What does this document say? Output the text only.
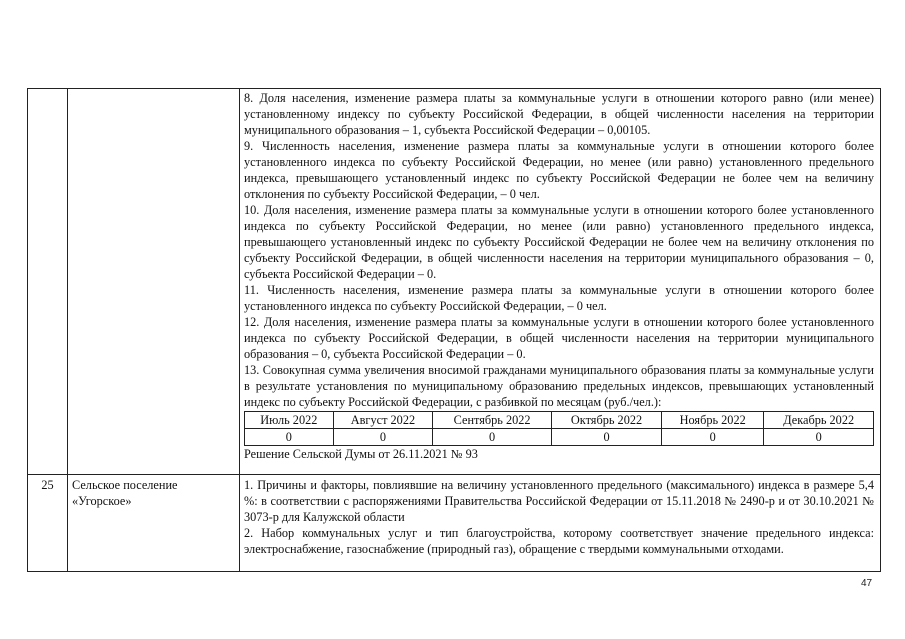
8. Доля населения, изменение размера платы за коммунальные услуги в отношении которого равно (или менее) установленному индексу по субъекту Российской Федерации, в общей численности населения на территории муниципального образования – 1, субъекта Российской Федерации – 0,00105.

9. Численность населения, изменение размера платы за коммунальные услуги в отношении которого более установленного индекса по субъекту Российской Федерации, но менее (или равно) установленного предельного индекса, превышающего установленный индекс по субъекту Российской Федерации не более чем на величину отклонения по субъекту Российской Федерации, – 0 чел.

10. Доля населения, изменение размера платы за коммунальные услуги в отношении которого более установленного индекса по субъекту Российской Федерации, но менее (или равно) установленного предельного индекса, превышающего установленный индекс по субъекту Российской Федерации не более чем на величину отклонения по субъекту Российской Федерации, в общей численности населения на территории муниципального образования – 0, субъекта Российской Федерации – 0.

11. Численность населения, изменение размера платы за коммунальные услуги в отношении которого более установленного индекса по субъекту Российской Федерации, – 0 чел.

12. Доля населения, изменение размера платы за коммунальные услуги в отношении которого более установленного индекса по субъекту Российской Федерации, в общей численности населения на территории муниципального образования – 0, субъекта Российской Федерации – 0.

13. Совокупная сумма увеличения вносимой гражданами муниципального образования платы за коммунальные услуги в результате установления по муниципальному образованию предельных индексов, превышающих установленный индекс по субъекту Российской Федерации, с разбивкой по месяцам (руб./чел.):

Июль 2022	Август 2022	Сентябрь 2022	Октябрь 2022	Ноябрь 2022	Декабрь 2022
0	0	0	0	0	0

Решение Сельской Думы от 26.11.2021 № 93

25	Сельское поселение
«Угорское»

1. Причины и факторы, повлиявшие на величину установленного предельного (максимального) индекса в размере 5,4 %: в соответствии с распоряжениями Правительства Российской Федерации от 15.11.2018 № 2490-р и от 30.10.2021 № 3073-р для Калужской области

2. Набор коммунальных услуг и тип благоустройства, которому соответствует значение предельного индекса: электроснабжение, газоснабжение (природный газ), обращение с твердыми коммунальными отходами.

47
